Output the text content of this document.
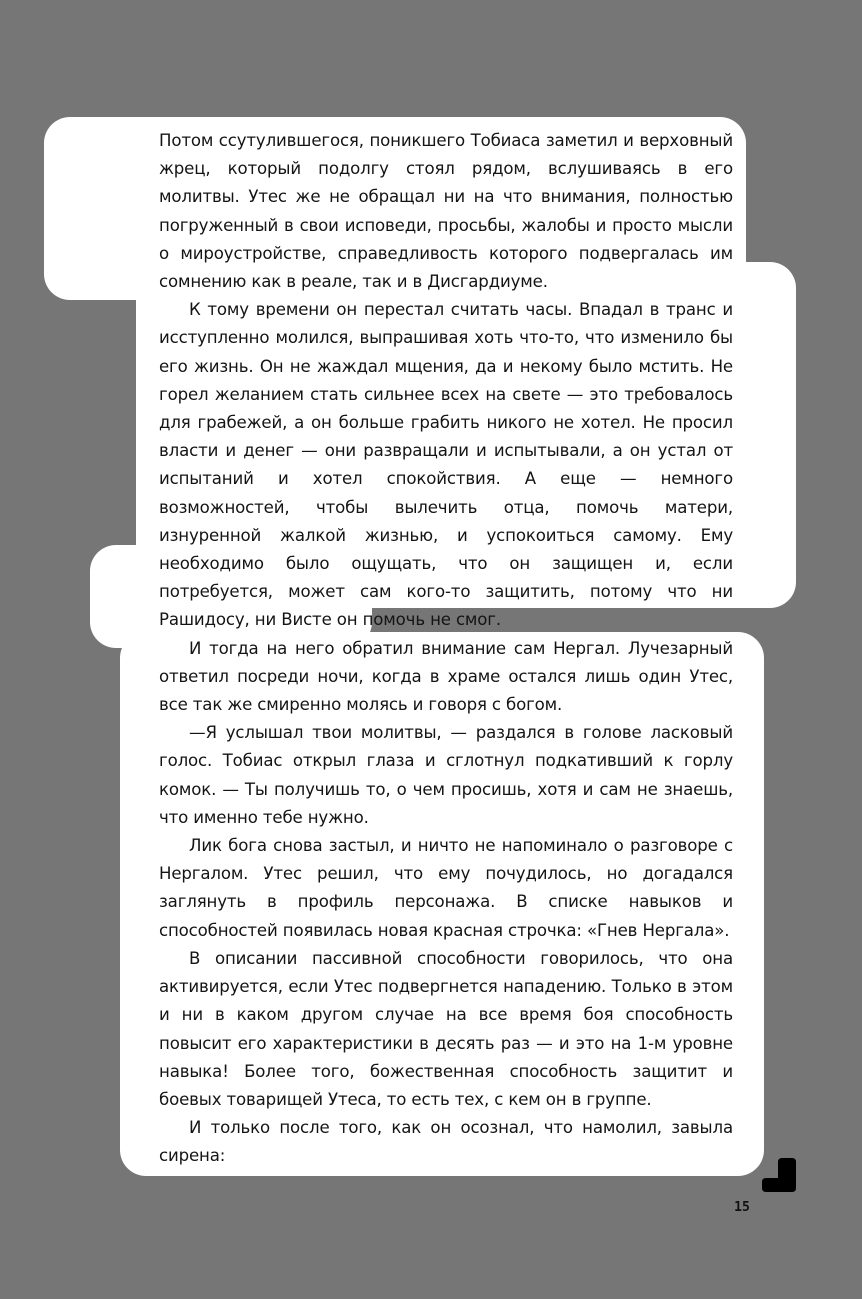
Потом ссутулившегося, поникшего Тобиаса заметил и верховный жрец, который подолгу стоял рядом, вслушиваясь в его молитвы. Утес же не обращал ни на что внимания, полностью погруженный в свои исповеди, просьбы, жалобы и просто мысли о мироустройстве, справедливость которого подвергалась им сомнению как в реале, так и в Дисгардиуме.

К тому времени он перестал считать часы. Впадал в транс и исступленно молился, выпрашивая хоть что-то, что изменило бы его жизнь. Он не жаждал мщения, да и некому было мстить. Не горел желанием стать сильнее всех на свете — это требовалось для грабежей, а он больше грабить никого не хотел. Не просил власти и денег — они развращали и испытывали, а он устал от испытаний и хотел спокойствия. А еще — немного возможностей, чтобы вылечить отца, помочь матери, изнуренной жалкой жизнью, и успокоиться самому. Ему необходимо было ощущать, что он защищен и, если потребуется, может сам кого-то защитить, потому что ни Рашидосу, ни Висте он помочь не смог.

И тогда на него обратил внимание сам Нергал. Лучезарный ответил посреди ночи, когда в храме остался лишь один Утес, все так же смиренно молясь и говоря с богом.

—Я услышал твои молитвы, — раздался в голове ласковый голос. Тобиас открыл глаза и сглотнул подкативший к горлу комок. — Ты получишь то, о чем просишь, хотя и сам не знаешь, что именно тебе нужно.

Лик бога снова застыл, и ничто не напоминало о разговоре с Нергалом. Утес решил, что ему почудилось, но догадался заглянуть в профиль персонажа. В списке навыков и способностей появилась новая красная строчка: «Гнев Нергала».

В описании пассивной способности говорилось, что она активируется, если Утес подвергнется нападению. Только в этом и ни в каком другом случае на все время боя способность повысит его характеристики в десять раз — и это на 1-м уровне навыка! Более того, божественная способность защитит и боевых товарищей Утеса, то есть тех, с кем он в группе.

И только после того, как он осознал, что намолил, завыла сирена:

15
